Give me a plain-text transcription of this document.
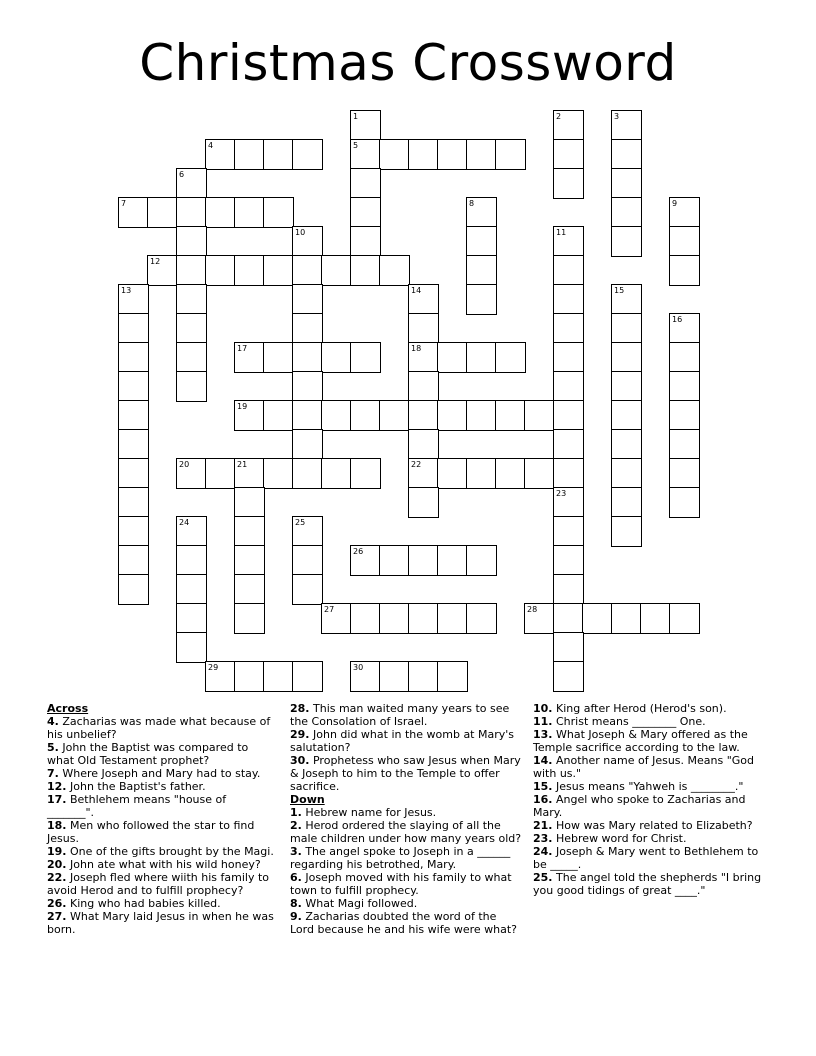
Christmas Crossword
1	2	3
4	5
6
7	8	9
10	11
12
13	14	15
16
17	18
19
20	21	22
23
24	25
26
27	28
29	30

Across

4. Zacharias was made what because of his unbelief?

5. John the Baptist was compared to what Old Testament prophet?

7. Where Joseph and Mary had to stay.

12. John the Baptist's father.

17. Bethlehem means "house of _______".

18. Men who followed the star to find Jesus.

19. One of the gifts brought by the Magi.

20. John ate what with his wild honey?

22. Joseph fled where wiith his family to avoid Herod and to fulfill prophecy?

26. King who had babies killed.

27. What Mary laid Jesus in when he was born.

28. This man waited many years to see the Consolation of Israel.

29. John did what in the womb at Mary's salutation?

30. Prophetess who saw Jesus when Mary & Joseph to him to the Temple to offer sacrifice.

Down

1. Hebrew name for Jesus.

2. Herod ordered the slaying of all the male children under how many years old?

3. The angel spoke to Joseph in a ______ regarding his betrothed, Mary.

6. Joseph moved with his family to what town to fulfill prophecy.

8. What Magi followed.

9. Zacharias doubted the word of the Lord because he and his wife were what?

10. King after Herod (Herod's son).

11. Christ means ________ One.

13. What Joseph & Mary offered as the Temple sacrifice according to the law.

14. Another name of Jesus. Means "God with us."

15. Jesus means "Yahweh is ________."

16. Angel who spoke to Zacharias and Mary.

21. How was Mary related to Elizabeth?

23. Hebrew word for Christ.

24. Joseph & Mary went to Bethlehem to be _____.

25. The angel told the shepherds "I bring you good tidings of great ____."
